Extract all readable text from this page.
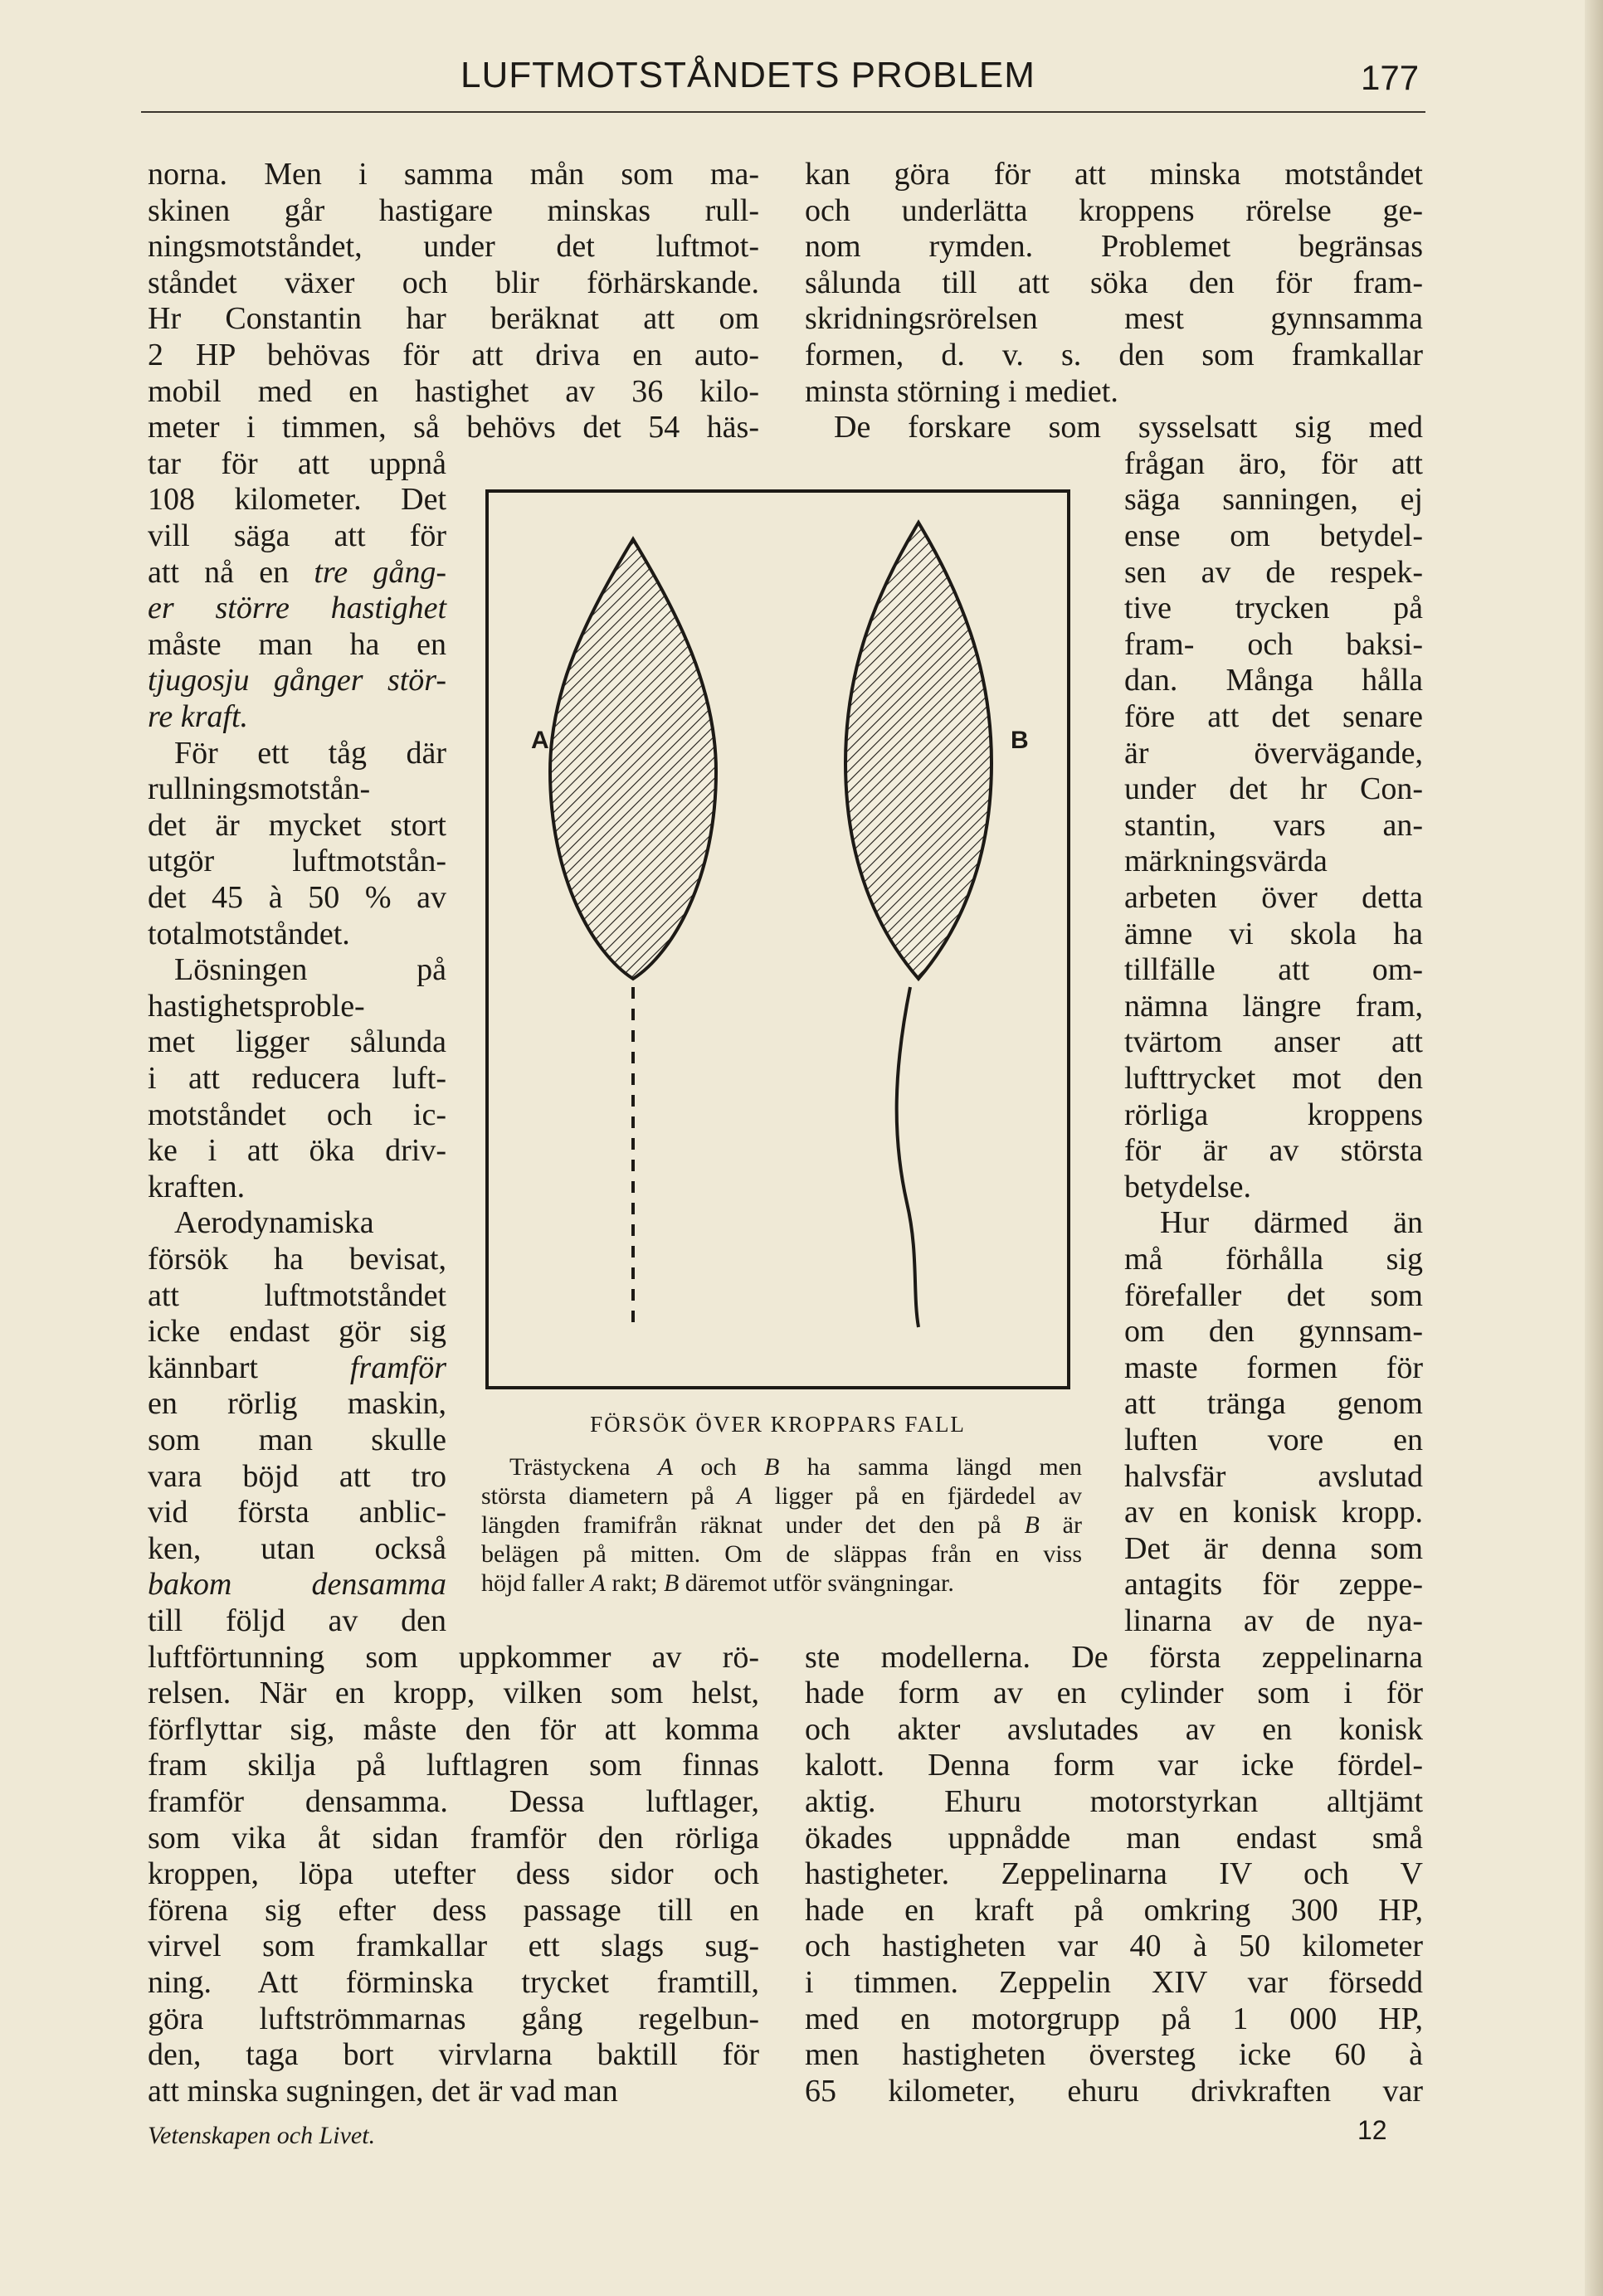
LUFTMOTSTÅNDETS PROBLEM	177
norna. Men i samma mån som ma-
skinen går hastigare minskas rull-
ningsmotståndet, under det luftmot-
ståndet växer och blir förhärskande.
Hr Constantin har beräknat att om
2 HP behövas för att driva en auto-
mobil med en hastighet av 36 kilo-
meter i timmen, så behövs det 54 häs-
tar för att uppnå
108 kilometer. Det
vill säga att för
att nå en tre gång-
er större hastighet
måste man ha en
tjugosju gånger stör-
re kraft.
För ett tåg där
rullningsmotstån-
det är mycket stort
utgör luftmotstån-
det 45 à 50 % av
totalmotståndet.
Lösningen på
hastighetsproble-
met ligger sålunda
i att reducera luft-
motståndet och ic-
ke i att öka driv-
kraften.
Aerodynamiska
försök ha bevisat,
att luftmotståndet
icke endast gör sig
kännbart framför
en rörlig maskin,
som man skulle
vara böjd att tro
vid första anblic-
ken, utan också
bakom densamma
till följd av den
luftförtunning som uppkommer av rö-
relsen. När en kropp, vilken som helst,
förflyttar sig, måste den för att komma
fram skilja på luftlagren som finnas
framför densamma. Dessa luftlager,
som vika åt sidan framför den rörliga
kroppen, löpa utefter dess sidor och
förena sig efter dess passage till en
virvel som framkallar ett slags sug-
ning. Att förminska trycket framtill,
göra luftströmmarnas gång regelbun-
den, taga bort virvlarna baktill för
att minska sugningen, det är vad man
kan göra för att minska motståndet
och underlätta kroppens rörelse ge-
nom rymden. Problemet begränsas
sålunda till att söka den för fram-
skridningsrörelsen mest gynnsamma
formen, d. v. s. den som framkallar
minsta störning i mediet.
De forskare som sysselsatt sig med
frågan äro, för att
säga sanningen, ej
ense om betydel-
sen av de respek-
tive trycken på
fram- och baksi-
dan. Många hålla
före att det senare
är övervägande,
under det hr Con-
stantin, vars an-
märkningsvärda
arbeten över detta
ämne vi skola ha
tillfälle att om-
nämna längre fram,
tvärtom anser att
lufttrycket mot den
rörliga kroppens
för är av största
betydelse.
Hur därmed än
må förhålla sig
förefaller det som
om den gynnsam-
maste formen för
att tränga genom
luften vore en
halvsfär avslutad
av en konisk kropp.
Det är denna som
antagits för zeppe-
linarna av de nya-
ste modellerna. De första zeppelinarna
hade form av en cylinder som i för
och akter avslutades av en konisk
kalott. Denna form var icke fördel-
aktig. Ehuru motorstyrkan alltjämt
ökades uppnådde man endast små
hastigheter. Zeppelinarna IV och V
hade en kraft på omkring 300 HP,
och hastigheten var 40 à 50 kilometer
i timmen. Zeppelin XIV var försedd
med en motorgrupp på 1 000 HP,
men hastigheten översteg icke 60 à
65 kilometer, ehuru drivkraften var
A	B
FÖRSÖK ÖVER KROPPARS FALL
Trästyckena A och B ha samma längd men
största diametern på A ligger på en fjärdedel av
längden framifrån räknat under det den på B är
belägen på mitten. Om de släppas från en viss
höjd faller A rakt; B däremot utför svängningar.
Vetenskapen och Livet.	12
